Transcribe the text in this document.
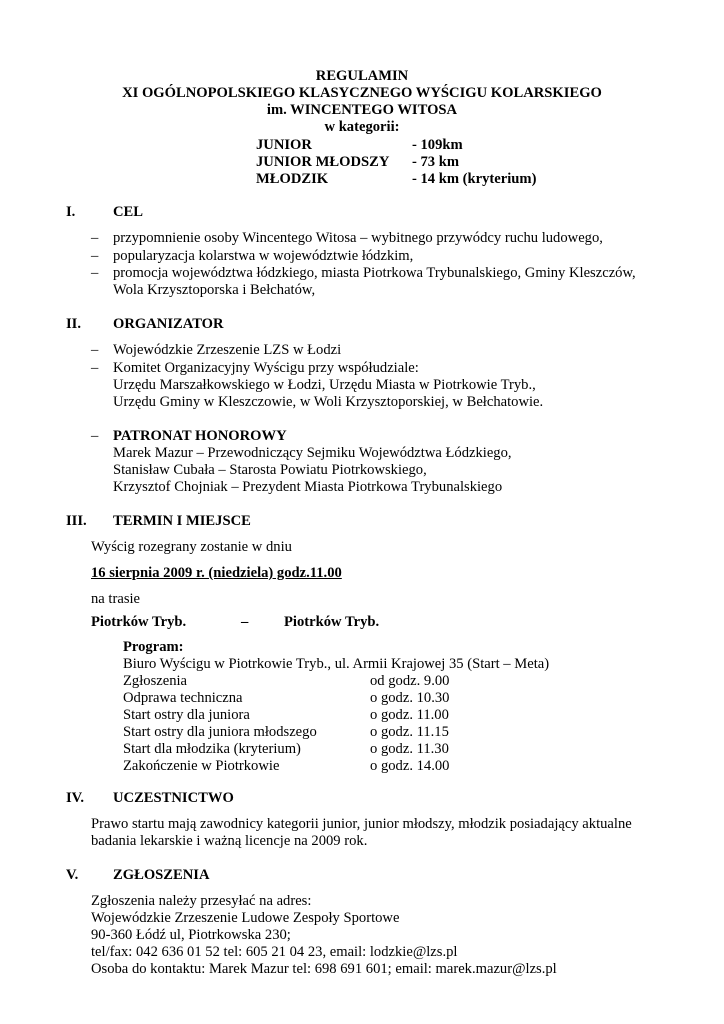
REGULAMIN
XI OGÓLNOPOLSKIEGO KLASYCZNEGO WYŚCIGU KOLARSKIEGO
im. WINCENTEGO WITOSA
w kategorii:
JUNIOR	- 109km
JUNIOR MŁODSZY - 73 km
MŁODZIK	- 14 km (kryterium)
I.	CEL
– przypomnienie osoby Wincentego Witosa – wybitnego przywódcy ruchu ludowego,
– popularyzacja kolarstwa w województwie łódzkim,
– promocja województwa łódzkiego, miasta Piotrkowa Trybunalskiego, Gminy Kleszczów,
Wola Krzysztoporska i Bełchatów,
II. ORGANIZATOR
– Wojewódzkie Zrzeszenie LZS w Łodzi
– Komitet Organizacyjny Wyścigu przy współudziale:
Urzędu Marszałkowskiego w Łodzi, Urzędu Miasta w Piotrkowie Tryb.,
Urzędu Gminy w Kleszczowie, w Woli Krzysztoporskiej, w Bełchatowie.
– PATRONAT HONOROWY
Marek Mazur – Przewodniczący Sejmiku Województwa Łódzkiego,
Stanisław Cubała – Starosta Powiatu Piotrkowskiego,
Krzysztof Chojniak – Prezydent Miasta Piotrkowa Trybunalskiego
III. TERMIN I MIEJSCE
Wyścig rozegrany zostanie w dniu
16 sierpnia 2009 r. (niedziela) godz.11.00
na trasie
Piotrków Tryb.	– Piotrków Tryb.
Program:
Biuro Wyścigu w Piotrkowie Tryb., ul. Armii Krajowej 35 (Start – Meta)
Zgłoszenia	od godz. 9.00
Odprawa techniczna	o godz. 10.30
Start ostry dla juniora	o godz. 11.00
Start ostry dla juniora młodszego	o godz. 11.15
Start dla młodzika (kryterium)	o godz. 11.30
Zakończenie w Piotrkowie	o godz. 14.00
IV. UCZESTNICTWO
Prawo startu mają zawodnicy kategorii junior, junior młodszy, młodzik posiadający aktualne
badania lekarskie i ważną licencje na 2009 rok.
V. ZGŁOSZENIA
Zgłoszenia należy przesyłać na adres:
Wojewódzkie Zrzeszenie Ludowe Zespoły Sportowe
90-360 Łódź ul, Piotrkowska 230;
tel/fax: 042 636 01 52 tel: 605 21 04 23, email: lodzkie@lzs.pl
Osoba do kontaktu: Marek Mazur tel: 698 691 601; email: marek.mazur@lzs.pl
